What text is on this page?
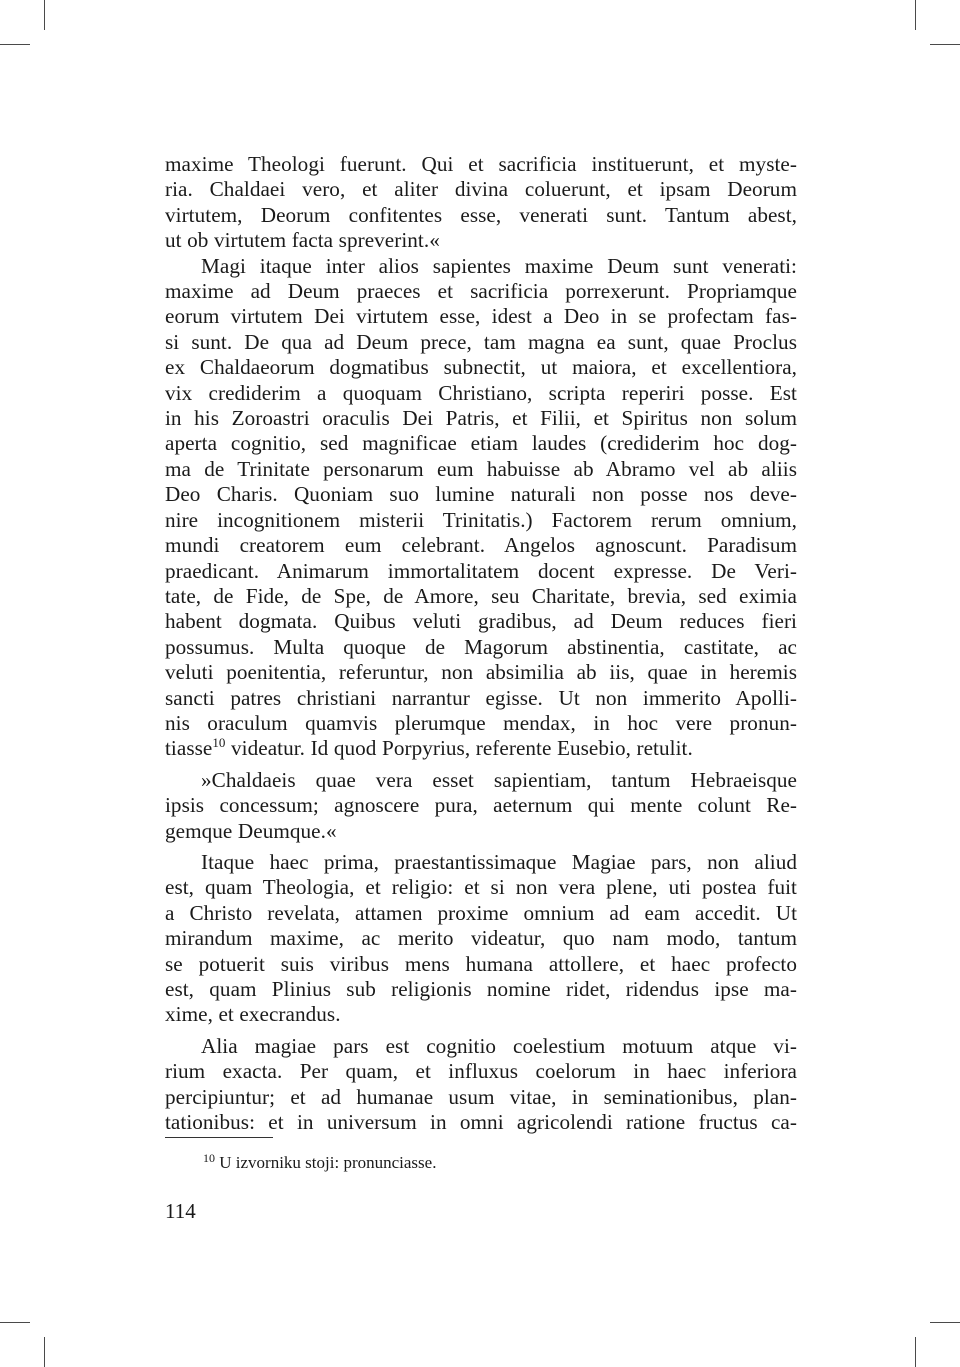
maxime Theologi fuerunt. Qui et sacrificia instituerunt, et myste-
ria. Chaldaei vero, et aliter divina coluerunt, et ipsam Deorum
virtutem, Deorum confitentes esse, venerati sunt. Tantum abest,
ut ob virtutem facta spreverint.«

Magi itaque inter alios sapientes maxime Deum sunt venerati:
maxime ad Deum praeces et sacrificia porrexerunt. Propriamque
eorum virtutem Dei virtutem esse, idest a Deo in se profectam fas-
si sunt. De qua ad Deum prece, tam magna ea sunt, quae Proclus
ex Chaldaeorum dogmatibus subnectit, ut maiora, et excellentiora,
vix crediderim a quoquam Christiano, scripta reperiri posse. Est
in his Zoroastri oraculis Dei Patris, et Filii, et Spiritus non solum
aperta cognitio, sed magnificae etiam laudes (crediderim hoc dog-
ma de Trinitate personarum eum habuisse ab Abramo vel ab aliis
Deo Charis. Quoniam suo lumine naturali non posse nos deve-
nire incognitionem misterii Trinitatis.) Factorem rerum omnium,
mundi creatorem eum celebrant. Angelos agnoscunt. Paradisum
praedicant. Animarum immortalitatem docent expresse. De Veri-
tate, de Fide, de Spe, de Amore, seu Charitate, brevia, sed eximia
habent dogmata. Quibus veluti gradibus, ad Deum reduces fieri
possumus. Multa quoque de Magorum abstinentia, castitate, ac
veluti poenitentia, referuntur, non absimilia ab iis, quae in heremis
sancti patres christiani narrantur egisse. Ut non immerito Apolli-
nis oraculum quamvis plerumque mendax, in hoc vere pronun-
tiasse$^{10}$ videatur. Id quod Porpyrius, referente Eusebio, retulit.

»Chaldaeis quae vera esset sapientiam, tantum Hebraeisque
ipsis concessum; agnoscere pura, aeternum qui mente colunt Re-
gemque Deumque.«

Itaque haec prima, praestantissimaque Magiae pars, non aliud
est, quam Theologia, et religio: et si non vera plene, uti postea fuit
a Christo revelata, attamen proxime omnium ad eam accedit. Ut
mirandum maxime, ac merito videatur, quo nam modo, tantum
se potuerit suis viribus mens humana attollere, et haec profecto
est, quam Plinius sub religionis nomine ridet, ridendus ipse ma-
xime, et execrandus.

Alia magiae pars est cognitio coelestium motuum atque vi-
rium exacta. Per quam, et influxus coelorum in haec inferiora
percipiuntur; et ad humanae usum vitae, in seminationibus, plan-
tationibus: et in universum in omni agricolendi ratione fructus ca-

$^{10}$ U izvorniku stoji: pronunciasse.
114
